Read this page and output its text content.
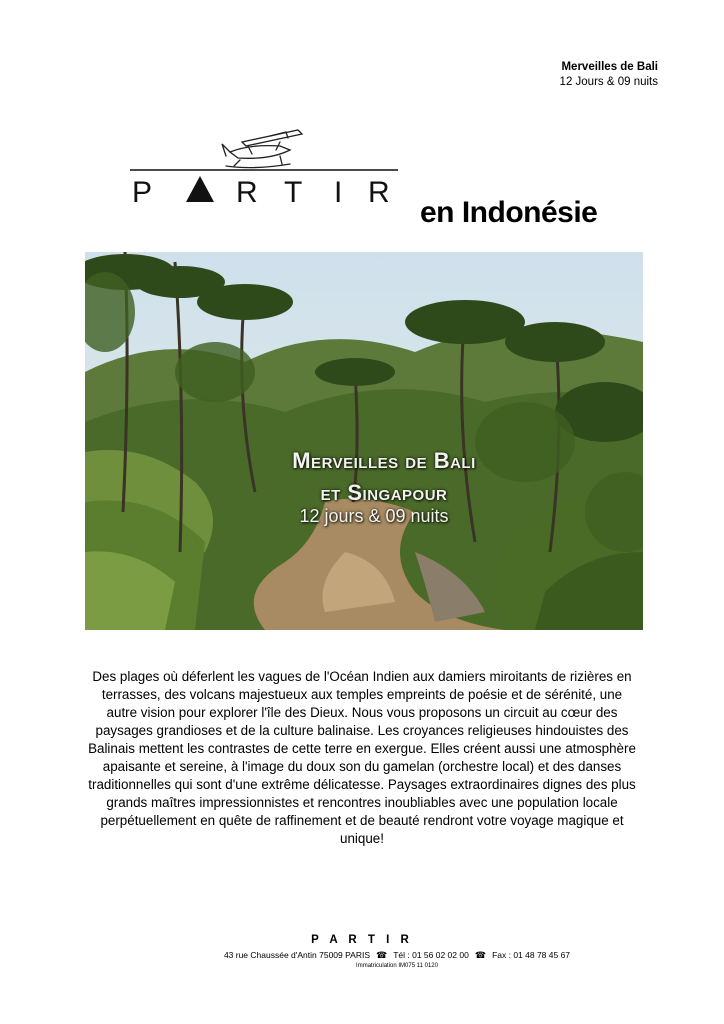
Merveilles de Bali
12 Jours & 09 nuits
P	R T I R
en Indonésie
Merveilles de Bali
et Singapour
12 jours & 09 nuits
Des plages où déferlent les vagues de l'Océan Indien aux damiers miroitants de rizières en terrasses, des volcans majestueux aux temples empreints de poésie et de sérénité, une autre vision pour explorer l'île des Dieux. Nous vous proposons un circuit au cœur des paysages grandioses et de la culture balinaise. Les croyances religieuses hindouistes des Balinais mettent les contrastes de cette terre en exergue. Elles créent aussi une atmosphère apaisante et sereine, à l'image du doux son du gamelan (orchestre local) et des danses traditionnelles qui sont d'une extrême délicatesse. Paysages extraordinaires dignes des plus grands maîtres impressionnistes et rencontres inoubliables avec une population locale perpétuellement en quête de raffinement et de beauté rendront votre voyage magique et unique!
P A R T I R
43 rue Chaussée d'Antin 75009 PARIS ☎ Tél : 01 56 02 02 00 ☎ Fax : 01 48 78 45 67
Immatriculation IM075 11 0120
